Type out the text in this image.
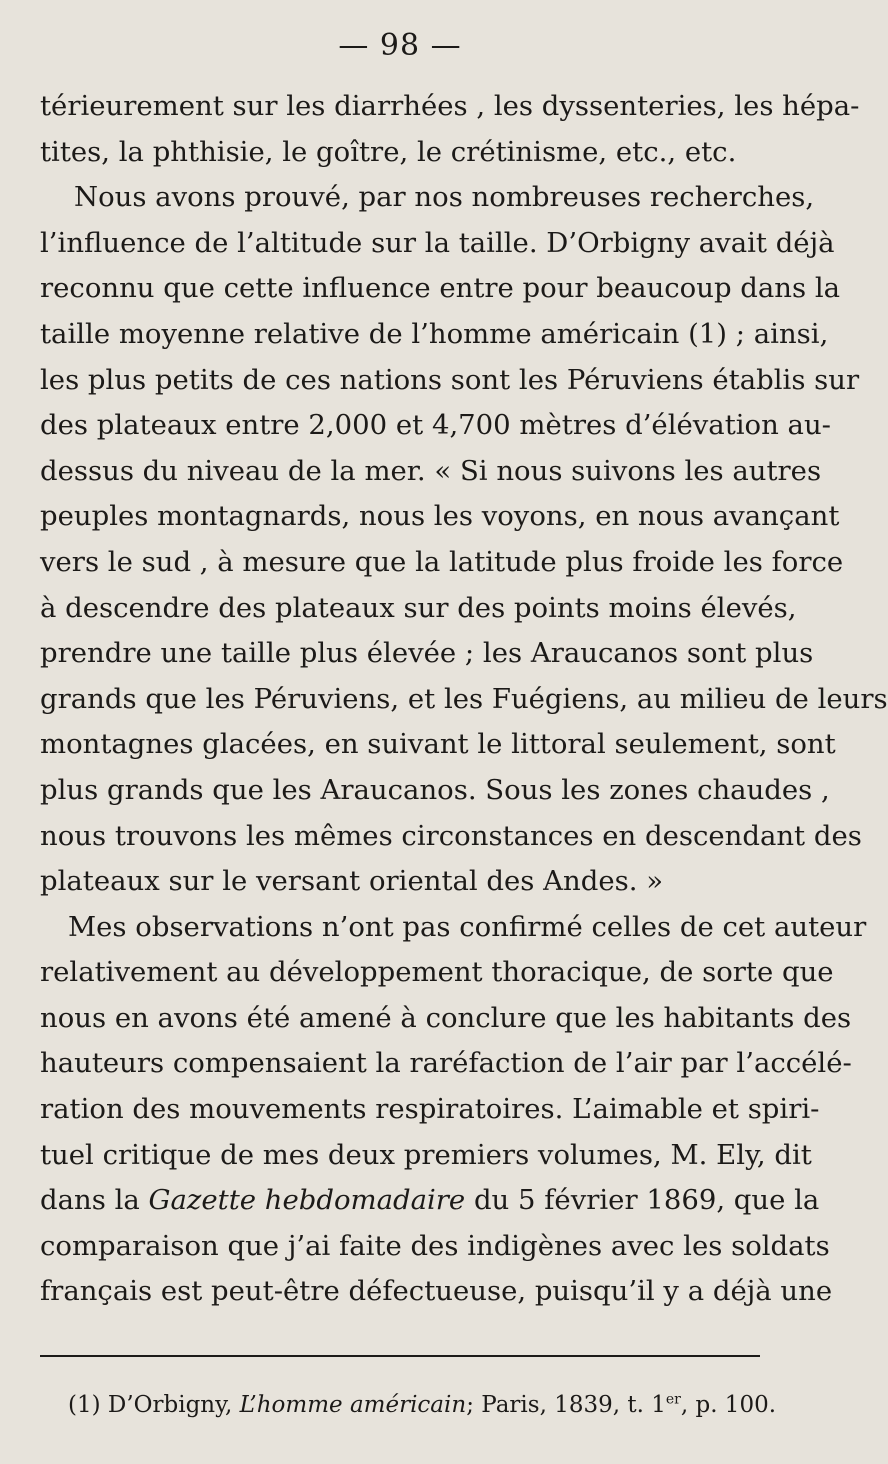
— 98 —
térieurement sur les diarrhées , les dyssenteries, les hépa-
tites, la phthisie, le goître, le crétinisme, etc., etc.
Nous avons prouvé, par nos nombreuses recherches,
l’influence de l’altitude sur la taille. D’Orbigny avait déjà
reconnu que cette influence entre pour beaucoup dans la
taille moyenne relative de l’homme américain (1) ; ainsi,
les plus petits de ces nations sont les Péruviens établis sur
des plateaux entre 2,000 et 4,700 mètres d’élévation au-
dessus du niveau de la mer. « Si nous suivons les autres
peuples montagnards, nous les voyons, en nous avançant
vers le sud , à mesure que la latitude plus froide les force
à descendre des plateaux sur des points moins élevés,
prendre une taille plus élevée ; les Araucanos sont plus
grands que les Péruviens, et les Fuégiens, au milieu de leurs
montagnes glacées, en suivant le littoral seulement, sont
plus grands que les Araucanos. Sous les zones chaudes ,
nous trouvons les mêmes circonstances en descendant des
plateaux sur le versant oriental des Andes. »
Mes observations n’ont pas confirmé celles de cet auteur
relativement au développement thoracique, de sorte que
nous en avons été amené à conclure que les habitants des
hauteurs compensaient la raréfaction de l’air par l’accélé-
ration des mouvements respiratoires. L’aimable et spiri-
tuel critique de mes deux premiers volumes, M. Ely, dit
dans la Gazette hebdomadaire du 5 février 1869, que la
comparaison que j’ai faite des indigènes avec les soldats
français est peut-être défectueuse, puisqu’il y a déjà une
(1) D’Orbigny, L’homme américain; Paris, 1839, t. 1er, p. 100.
